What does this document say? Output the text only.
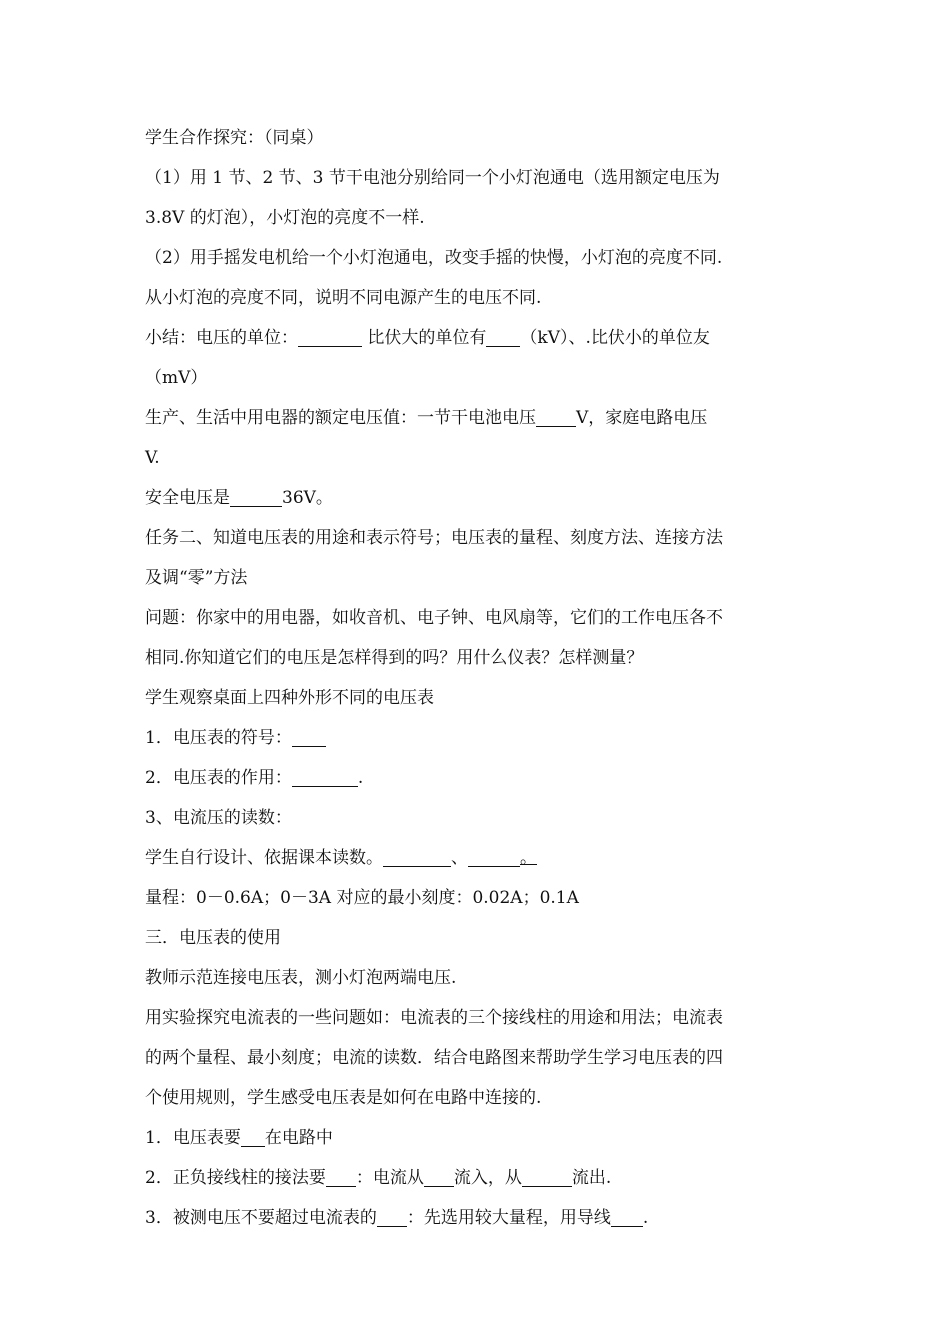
学生合作探究：（同桌）
（1）用 1 节、2 节、3 节干电池分别给同一个小灯泡通电（选用额定电压为
3.8V 的灯泡），小灯泡的亮度不一样.
（2）用手摇发电机给一个小灯泡通电，改变手摇的快慢，小灯泡的亮度不同.
从小灯泡的亮度不同，说明不同电源产生的电压不同.
小结：电压的单位：	比伏大的单位有 （kV）、.比伏小的单位友
（mV）
生产、生活中用电器的额定电压值：一节干电池电压 V，家庭电路电压
V.
安全电压是	36V。
任务二、知道电压表的用途和表示符号；电压表的量程、刻度方法、连接方法
及调“零”方法
问题：你家中的用电器，如收音机、电子钟、电风扇等，它们的工作电压各不
相同.你知道它们的电压是怎样得到的吗？用什么仪表？怎样测量？
学生观察桌面上四种外形不同的电压表
1．电压表的符号：
2．电压表的作用：	.
3、电流压的读数：
学生自行设计、依据课本读数。	、	。
量程：0－0.6A；0－3A 对应的最小刻度：0.02A；0.1A
三．电压表的使用
教师示范连接电压表，测小灯泡两端电压.
用实验探究电流表的一些问题如：电流表的三个接线柱的用途和用法；电流表
的两个量程、最小刻度；电流的读数．结合电路图来帮助学生学习电压表的四
个使用规则，学生感受电压表是如何在电路中连接的.
1．电压表要 在电路中
2．正负接线柱的接法要 ：电流从 流入，从	流出.
3．被测电压不要超过电流表的 ：先选用较大量程，用导线 .
